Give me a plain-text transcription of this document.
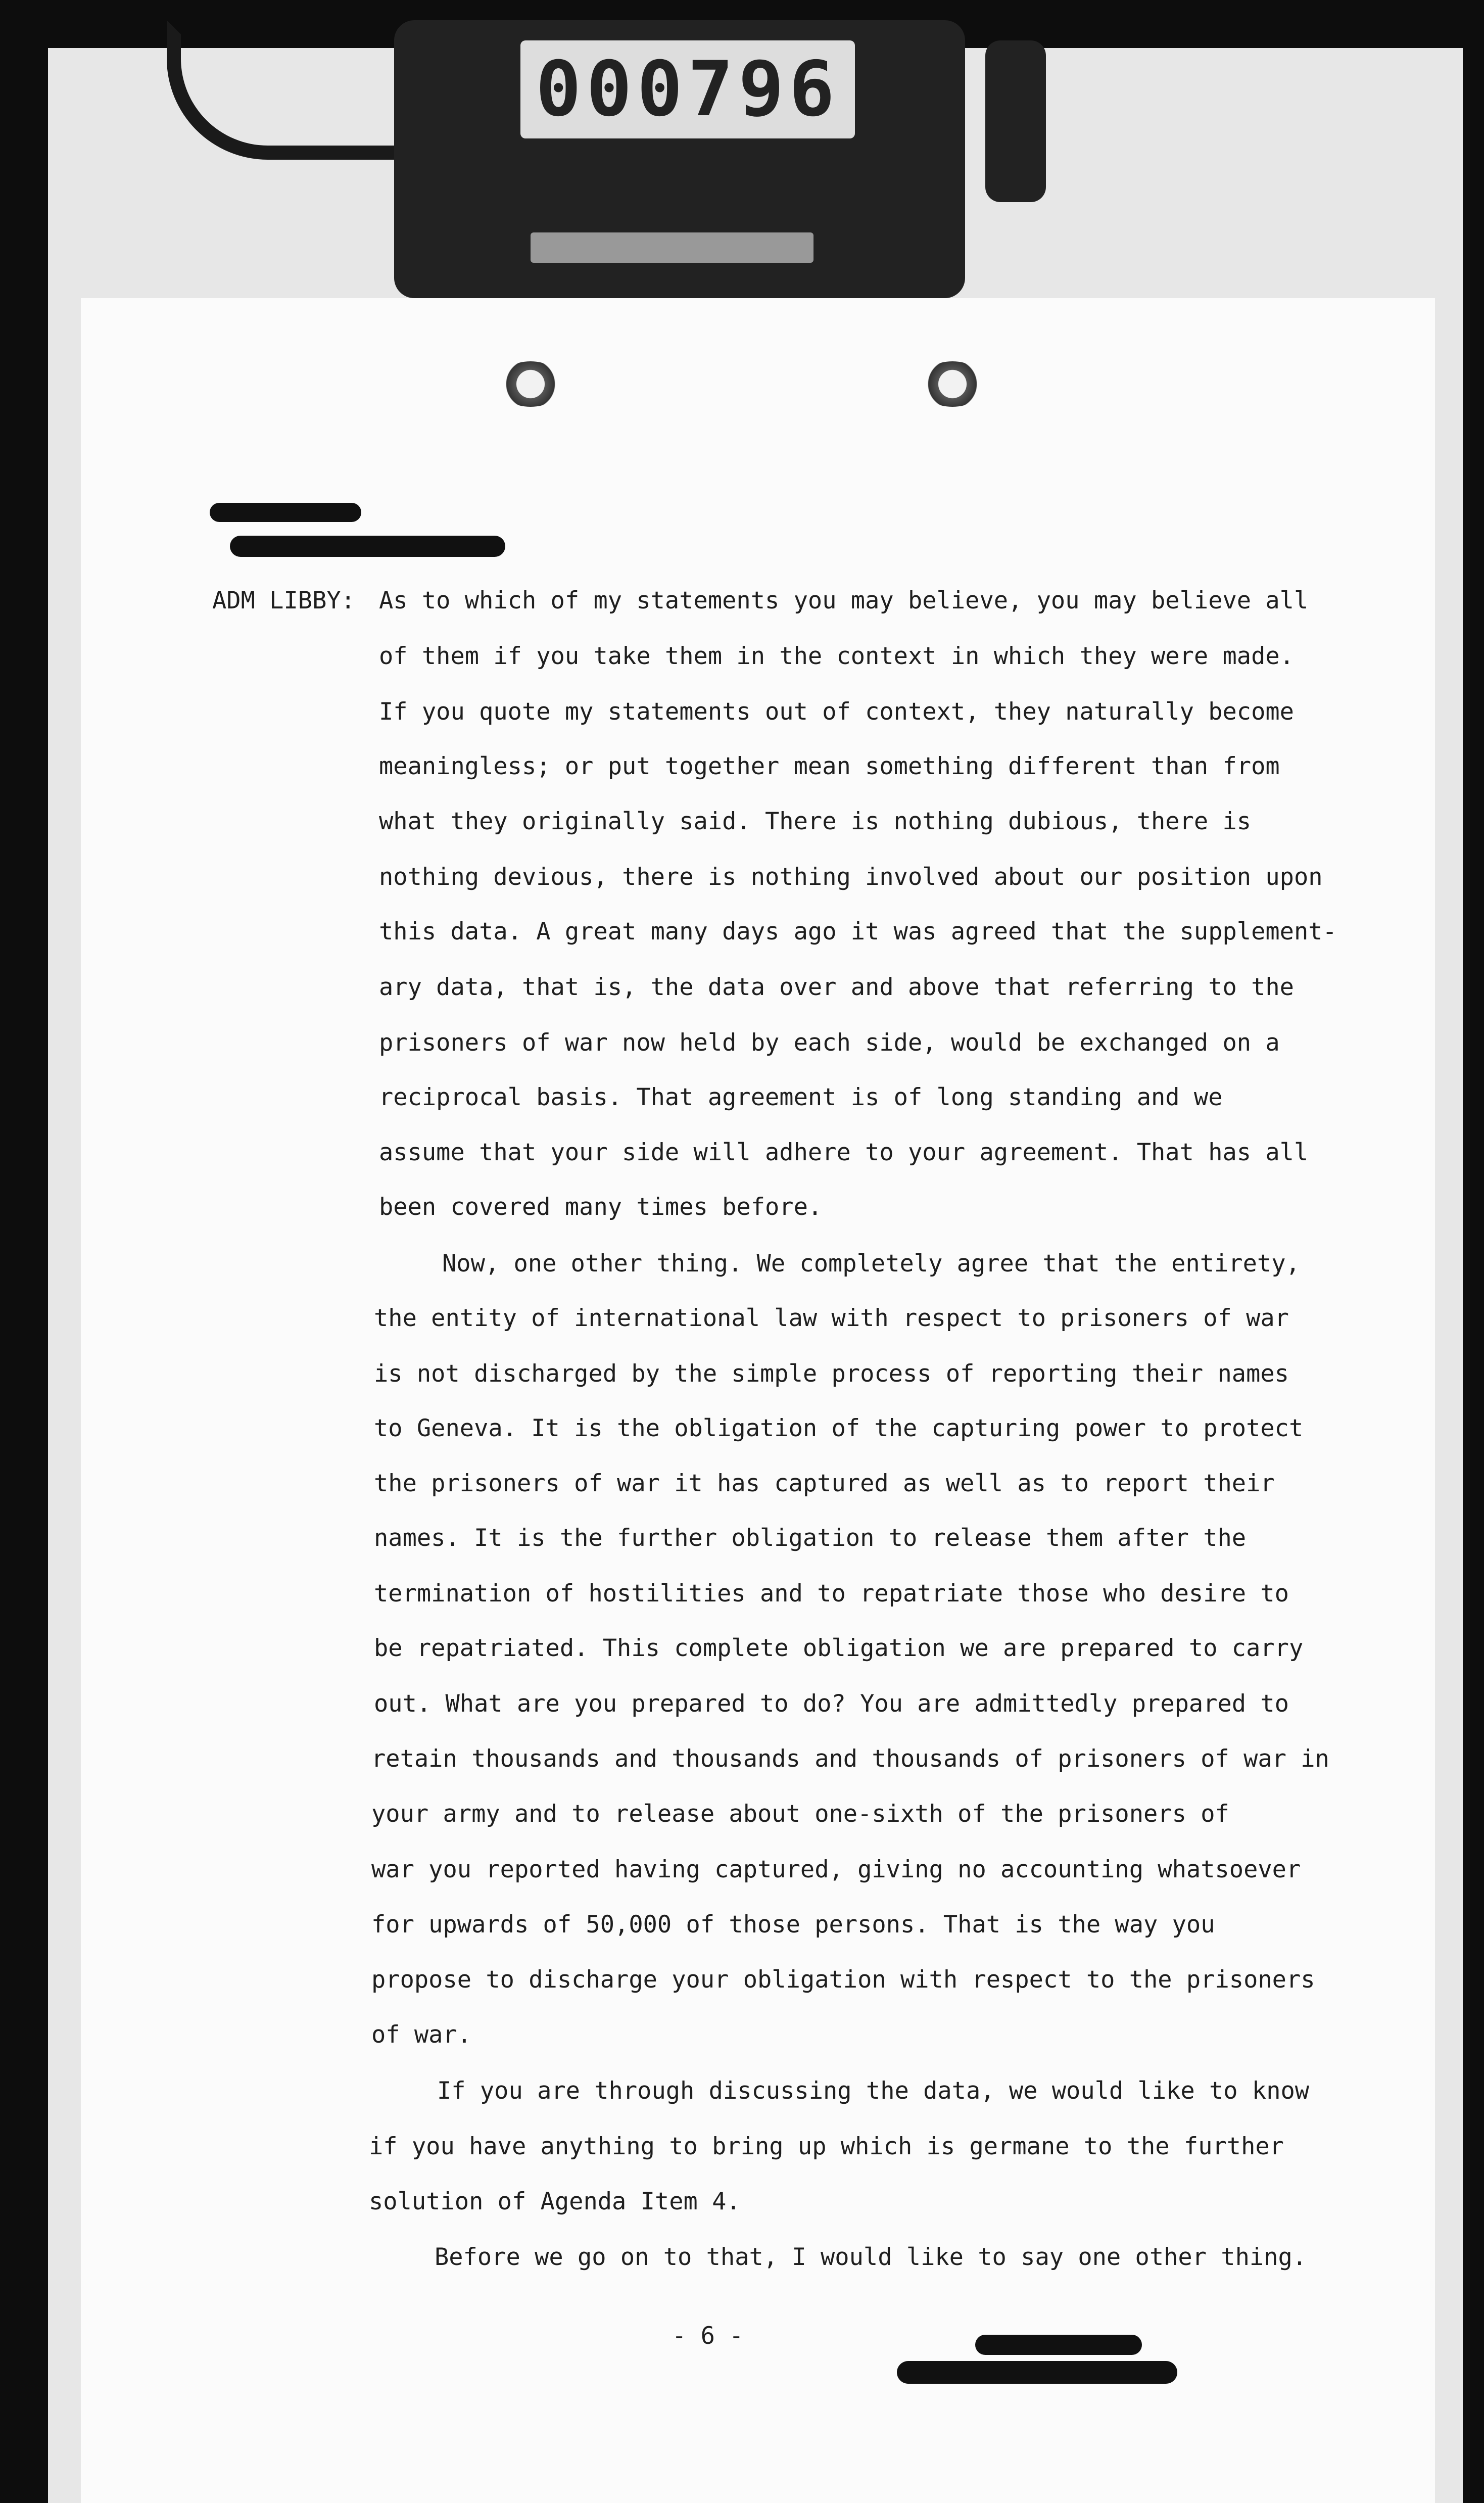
000796
ADM LIBBY: As to which of my statements you may believe, you may believe all
of them if you take them in the context in which they were made.
If you quote my statements out of context, they naturally become
meaningless; or put together mean something different than from
what they originally said. There is nothing dubious, there is
nothing devious, there is nothing involved about our position upon
this data. A great many days ago it was agreed that the supplement-
ary data, that is, the data over and above that referring to the
prisoners of war now held by each side, would be exchanged on a
reciprocal basis. That agreement is of long standing and we
assume that your side will adhere to your agreement. That has all
been covered many times before.
Now, one other thing. We completely agree that the entirety,
the entity of international law with respect to prisoners of war
is not discharged by the simple process of reporting their names
to Geneva. It is the obligation of the capturing power to protect
the prisoners of war it has captured as well as to report their
names. It is the further obligation to release them after the
termination of hostilities and to repatriate those who desire to
be repatriated. This complete obligation we are prepared to carry
out. What are you prepared to do? You are admittedly prepared to
retain thousands and thousands and thousands of prisoners of war in
your army and to release about one-sixth of the prisoners of
war you reported having captured, giving no accounting whatsoever
for upwards of 50,000 of those persons. That is the way you
propose to discharge your obligation with respect to the prisoners
of war.
If you are through discussing the data, we would like to know
if you have anything to bring up which is germane to the further
solution of Agenda Item 4.
Before we go on to that, I would like to say one other thing.
- 6 -
